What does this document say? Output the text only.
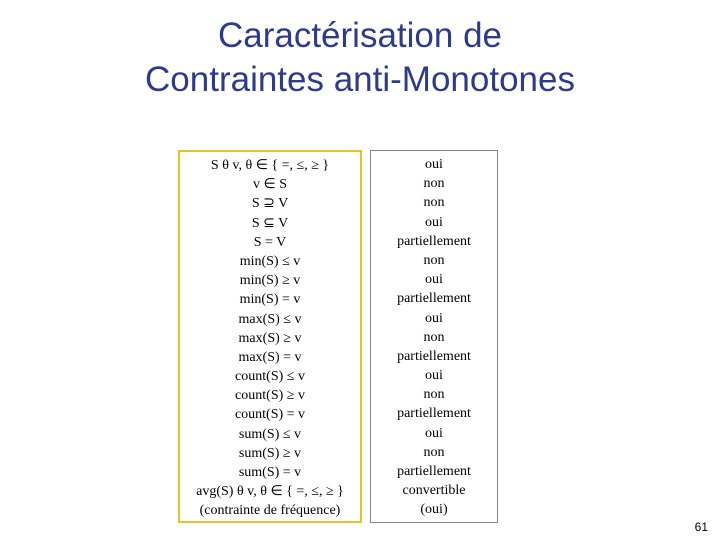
Caractérisation de
Contraintes anti-Monotones
S θ v, θ ∈ { =, ≤, ≥ }
v ∈ S
S ⊇ V
S ⊆ V
S = V
min(S) ≤ v
min(S) ≥ v
min(S) = v
max(S) ≤ v
max(S) ≥ v
max(S) = v
count(S) ≤ v
count(S) ≥ v
count(S) = v
sum(S) ≤ v
sum(S) ≥ v
sum(S) = v
avg(S) θ v, θ ∈ { =, ≤, ≥ }
(contrainte de fréquence)
oui
non
non
oui
partiellement
non
oui
partiellement
oui
non
partiellement
oui
non
partiellement
oui
non
partiellement
convertible
(oui)
61
